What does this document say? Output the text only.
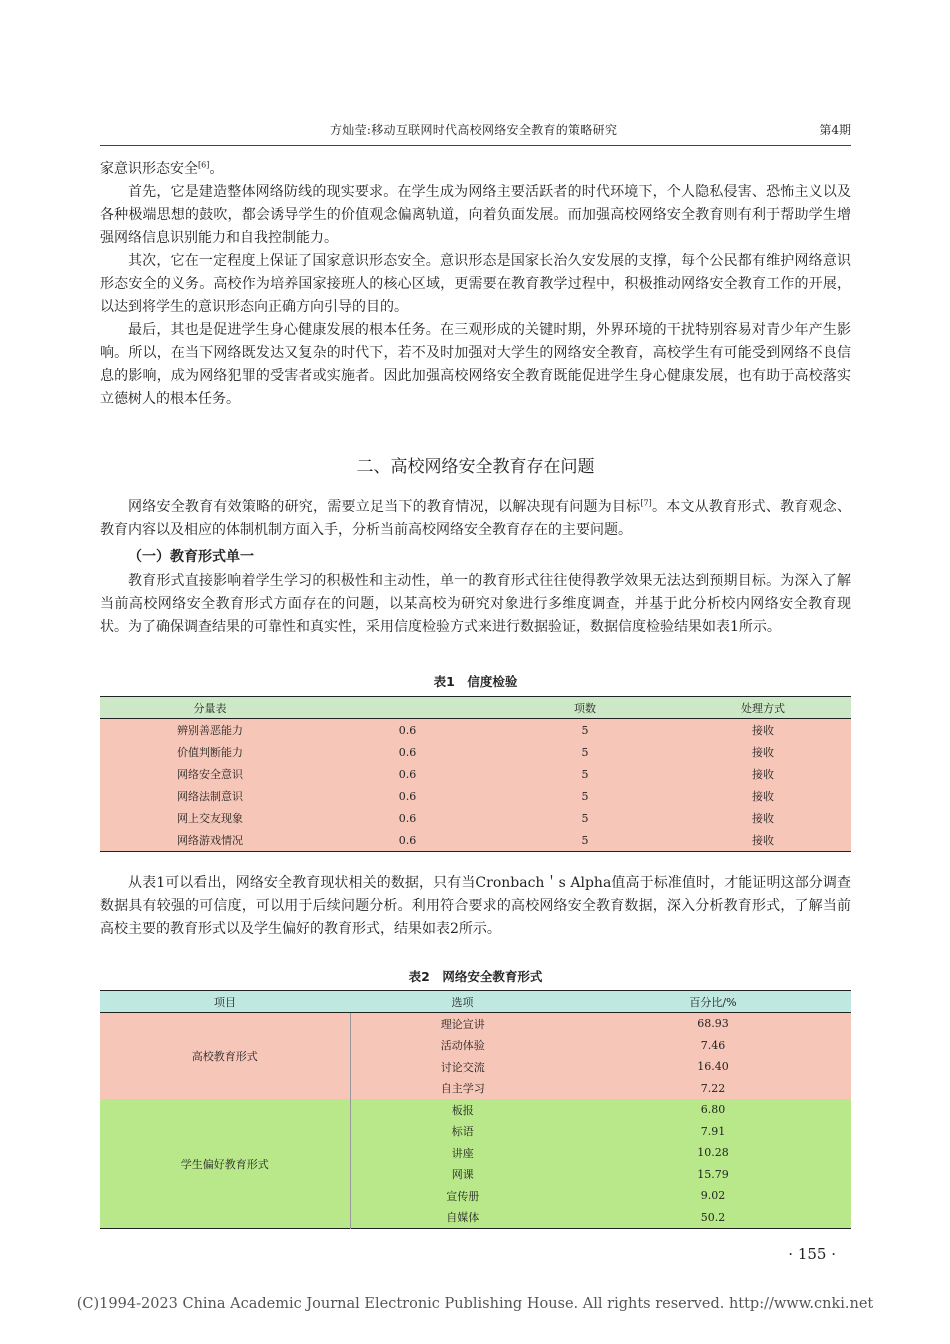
方灿莹:移动互联网时代高校网络安全教育的策略研究	第4期

家意识形态安全[6]。

首先，它是建造整体网络防线的现实要求。在学生成为网络主要活跃者的时代环境下，个人隐私侵害、恐怖主义以及各种极端思想的鼓吹，都会诱导学生的价值观念偏离轨道，向着负面发展。而加强高校网络安全教育则有利于帮助学生增强网络信息识别能力和自我控制能力。

其次，它在一定程度上保证了国家意识形态安全。意识形态是国家长治久安发展的支撑，每个公民都有维护网络意识形态安全的义务。高校作为培养国家接班人的核心区域，更需要在教育教学过程中，积极推动网络安全教育工作的开展，以达到将学生的意识形态向正确方向引导的目的。

最后，其也是促进学生身心健康发展的根本任务。在三观形成的关键时期，外界环境的干扰特别容易对青少年产生影响。所以，在当下网络既发达又复杂的时代下，若不及时加强对大学生的网络安全教育，高校学生有可能受到网络不良信息的影响，成为网络犯罪的受害者或实施者。因此加强高校网络安全教育既能促进学生身心健康发展，也有助于高校落实立德树人的根本任务。

二、高校网络安全教育存在问题

网络安全教育有效策略的研究，需要立足当下的教育情况，以解决现有问题为目标[7]。本文从教育形式、教育观念、教育内容以及相应的体制机制方面入手，分析当前高校网络安全教育存在的主要问题。

（一）教育形式单一

教育形式直接影响着学生学习的积极性和主动性，单一的教育形式往往使得教学效果无法达到预期目标。为深入了解当前高校网络安全教育形式方面存在的问题，以某高校为研究对象进行多维度调查，并基于此分析校内网络安全教育现状。为了确保调查结果的可靠性和真实性，采用信度检验方式来进行数据验证，数据信度检验结果如表1所示。

表1　信度检验
分量表		项数	处理方式
辨别善恶能力	0.6	5	接收
价值判断能力	0.6	5	接收
网络安全意识	0.6	5	接收
网络法制意识	0.6	5	接收
网上交友现象	0.6	5	接收
网络游戏情况	0.6	5	接收

从表1可以看出，网络安全教育现状相关的数据，只有当Cronbach＇s Alpha值高于标准值时，才能证明这部分调查数据具有较强的可信度，可以用于后续问题分析。利用符合要求的高校网络安全教育数据，深入分析教育形式，了解当前高校主要的教育形式以及学生偏好的教育形式，结果如表2所示。

表2　网络安全教育形式
项目	选项	百分比/%
高校教育形式	理论宣讲	68.93
	活动体验	7.46
	讨论交流	16.40
	自主学习	7.22
学生偏好教育形式	板报	6.80
	标语	7.91
	讲座	10.28
	网课	15.79
	宣传册	9.02
	自媒体	50.2
· 155 ·
(C)1994-2023 China Academic Journal Electronic Publishing House. All rights reserved. http://www.cnki.net
